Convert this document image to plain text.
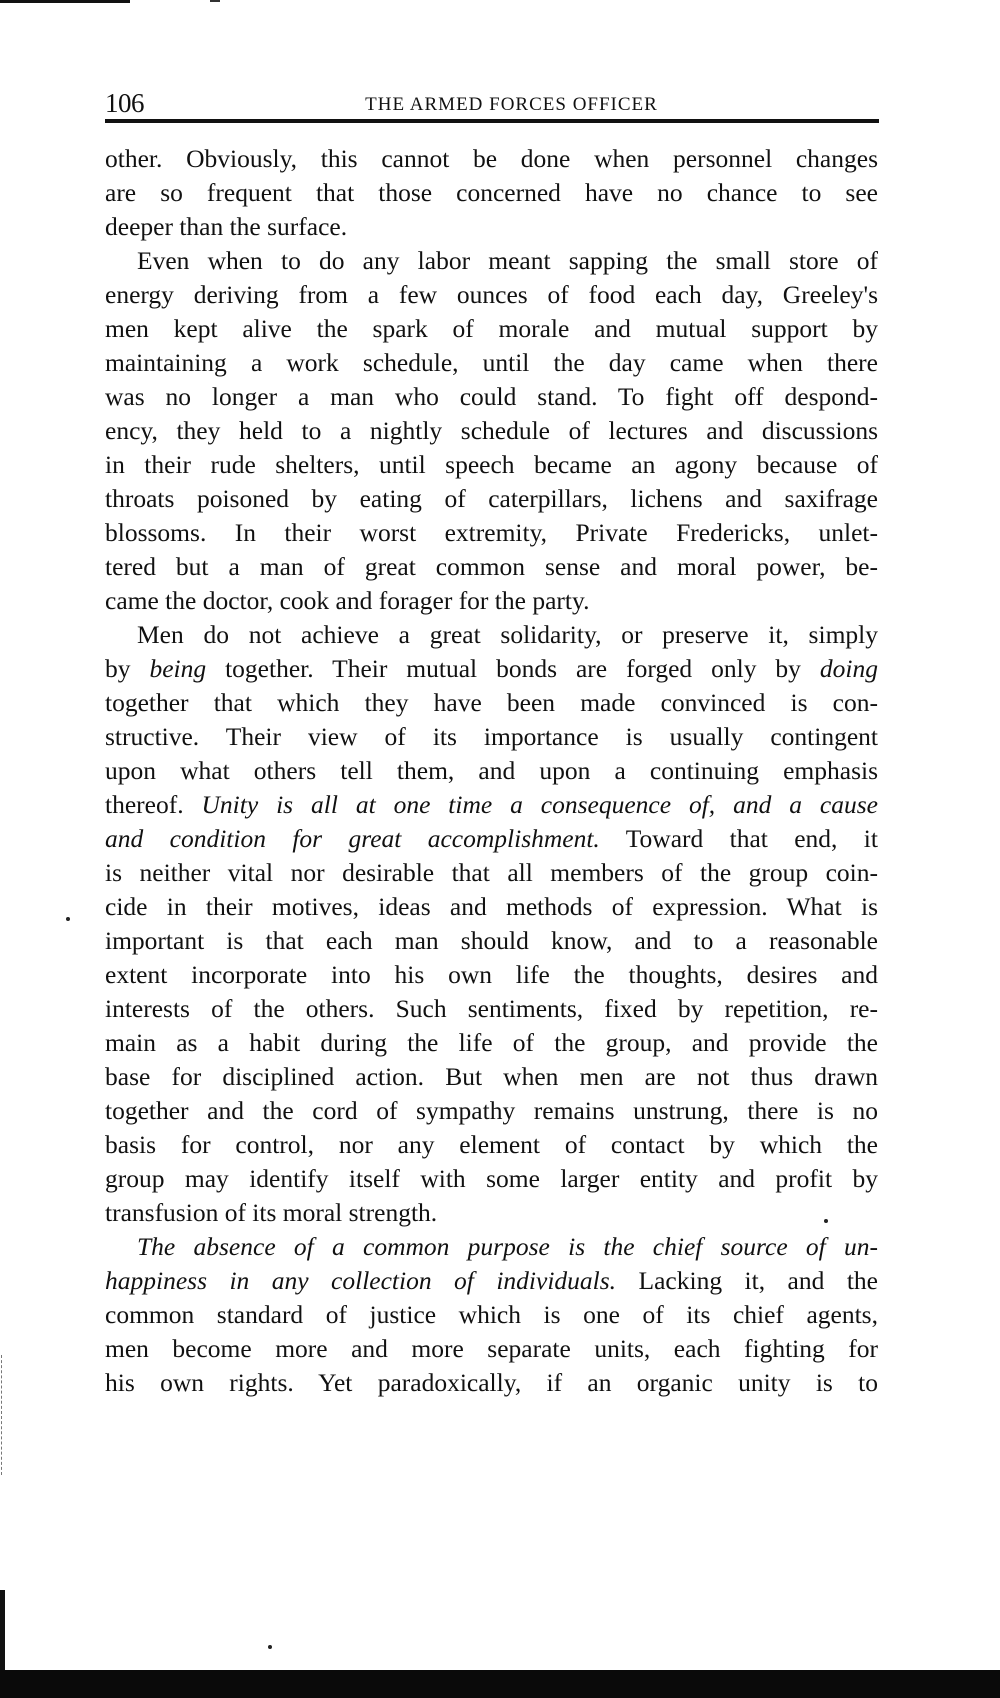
106	THE ARMED FORCES OFFICER
other. Obviously, this cannot be done when personnel changes
are so frequent that those concerned have no chance to see
deeper than the surface.
Even when to do any labor meant sapping the small store of
energy deriving from a few ounces of food each day, Greeley's
men kept alive the spark of morale and mutual support by
maintaining a work schedule, until the day came when there
was no longer a man who could stand. To fight off despond-
ency, they held to a nightly schedule of lectures and discussions
in their rude shelters, until speech became an agony because of
throats poisoned by eating of caterpillars, lichens and saxifrage
blossoms. In their worst extremity, Private Fredericks, unlet-
tered but a man of great common sense and moral power, be-
came the doctor, cook and forager for the party.
Men do not achieve a great solidarity, or preserve it, simply
by being together. Their mutual bonds are forged only by doing
together that which they have been made convinced is con-
structive. Their view of its importance is usually contingent
upon what others tell them, and upon a continuing emphasis
thereof. Unity is all at one time a consequence of, and a cause
and condition for great accomplishment. Toward that end, it
is neither vital nor desirable that all members of the group coin-
cide in their motives, ideas and methods of expression. What is
important is that each man should know, and to a reasonable
extent incorporate into his own life the thoughts, desires and
interests of the others. Such sentiments, fixed by repetition, re-
main as a habit during the life of the group, and provide the
base for disciplined action. But when men are not thus drawn
together and the cord of sympathy remains unstrung, there is no
basis for control, nor any element of contact by which the
group may identify itself with some larger entity and profit by
transfusion of its moral strength.
The absence of a common purpose is the chief source of un-
happiness in any collection of individuals. Lacking it, and the
common standard of justice which is one of its chief agents,
men become more and more separate units, each fighting for
his own rights. Yet paradoxically, if an organic unity is to
